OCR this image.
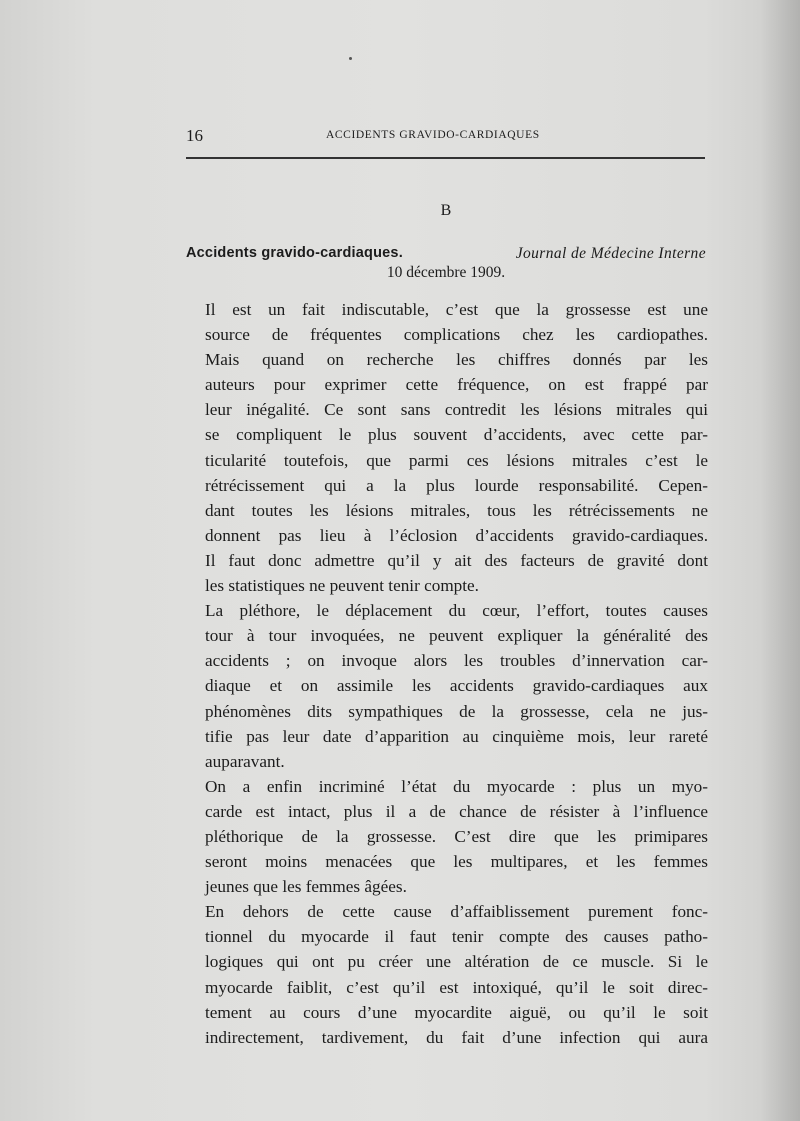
16	ACCIDENTS GRAVIDO-CARDIAQUES
B
Accidents gravido-cardiaques.	Journal de Médecine Interne
10 décembre 1909.

Il est un fait indiscutable, c’est que la grossesse est une
source de fréquentes complications chez les cardiopathes.

Mais quand on recherche les chiffres donnés par les
auteurs pour exprimer cette fréquence, on est frappé par
leur inégalité. Ce sont sans contredit les lésions mitrales qui
se compliquent le plus souvent d’accidents, avec cette par-
ticularité toutefois, que parmi ces lésions mitrales c’est le
rétrécissement qui a la plus lourde responsabilité. Cepen-
dant toutes les lésions mitrales, tous les rétrécissements ne
donnent pas lieu à l’éclosion d’accidents gravido-cardiaques.
Il faut donc admettre qu’il y ait des facteurs de gravité dont
les statistiques ne peuvent tenir compte.

La pléthore, le déplacement du cœur, l’effort, toutes causes
tour à tour invoquées, ne peuvent expliquer la généralité des
accidents ; on invoque alors les troubles d’innervation car-
diaque et on assimile les accidents gravido-cardiaques aux
phénomènes dits sympathiques de la grossesse, cela ne jus-
tifie pas leur date d’apparition au cinquième mois, leur rareté
auparavant.

On a enfin incriminé l’état du myocarde : plus un myo-
carde est intact, plus il a de chance de résister à l’influence
pléthorique de la grossesse. C’est dire que les primipares
seront moins menacées que les multipares, et les femmes
jeunes que les femmes âgées.

En dehors de cette cause d’affaiblissement purement fonc-
tionnel du myocarde il faut tenir compte des causes patho-
logiques qui ont pu créer une altération de ce muscle. Si le
myocarde faiblit, c’est qu’il est intoxiqué, qu’il le soit direc-
tement au cours d’une myocardite aiguë, ou qu’il le soit
indirectement, tardivement, du fait d’une infection qui aura
